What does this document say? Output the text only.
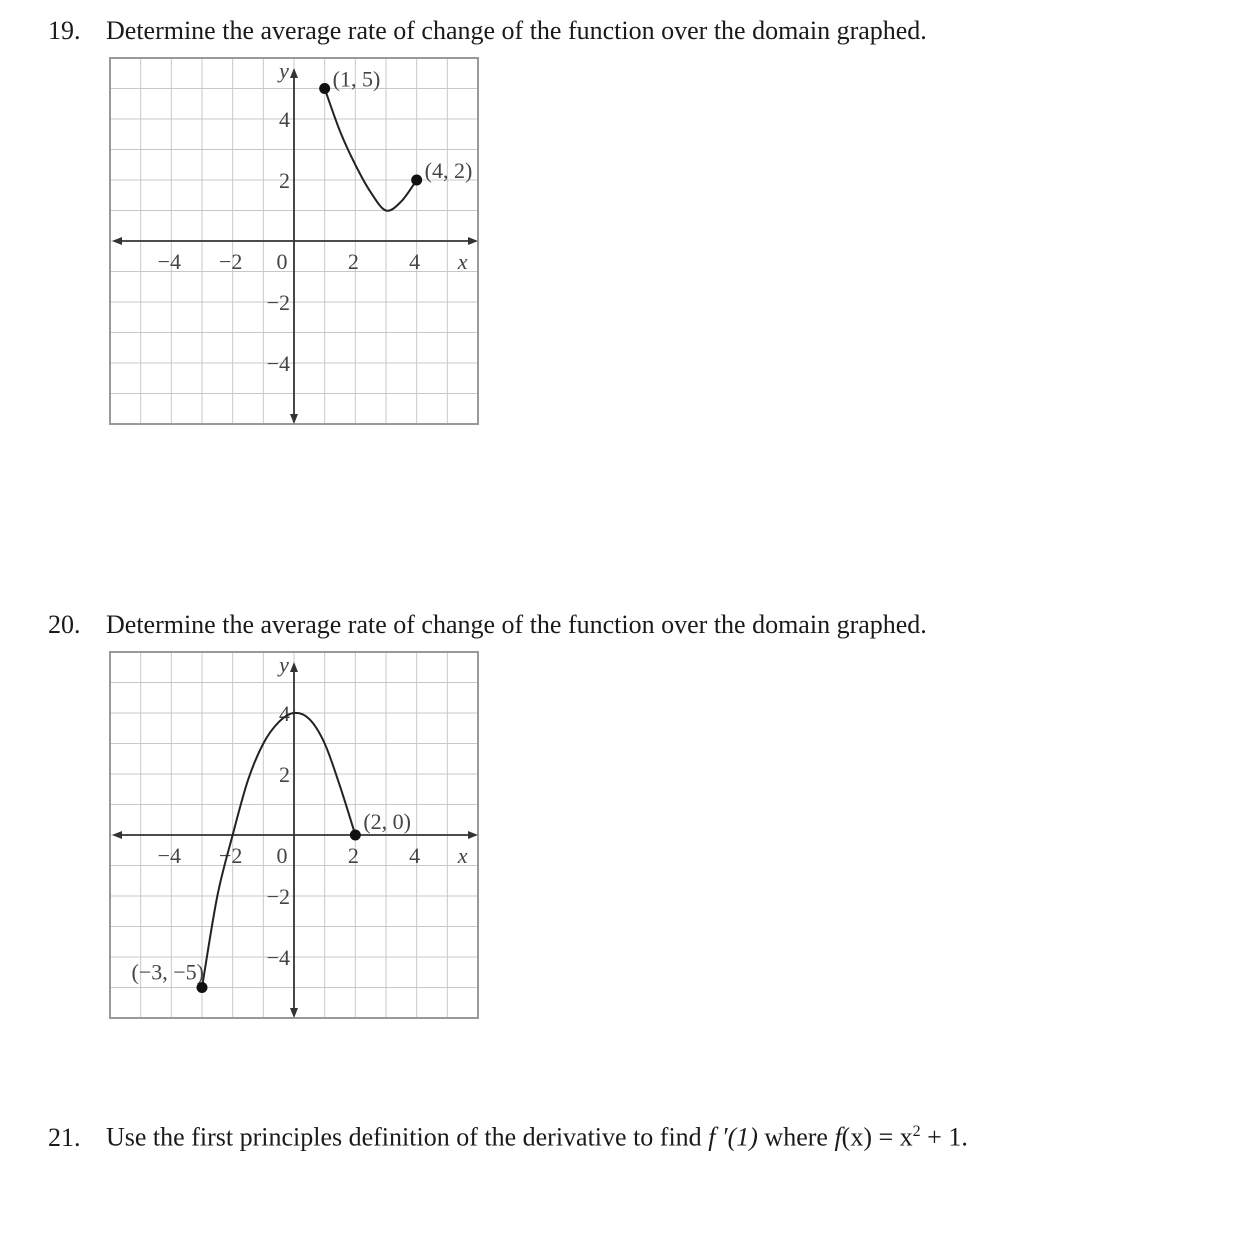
19. Determine the average rate of change of the function over the domain graphed.
−4 −2 0	2 4
4
2
−2
−4
x
y (1, 5)
(4, 2)
20. Determine the average rate of change of the function over the domain graphed.
−4 −2 0	2 4
4
2
−2
−4
x
y
(−3, −5)
(2, 0)
21. Use the first principles definition of the derivative to find f ′(1) where $f(x) = x^2 + 1$.
